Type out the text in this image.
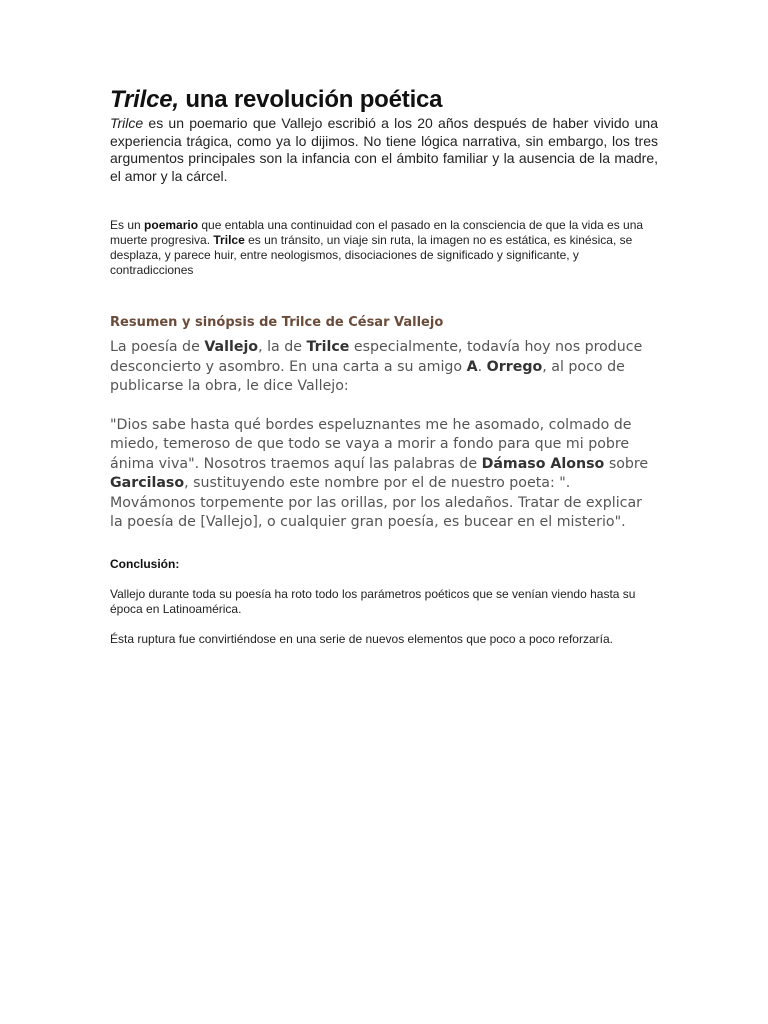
Trilce, una revolución poética

Trilce es un poemario que Vallejo escribió a los 20 años después de haber vivido una experiencia trágica, como ya lo dijimos. No tiene lógica narrativa, sin embargo, los tres argumentos principales son la infancia con el ámbito familiar y la ausencia de la madre, el amor y la cárcel.

Es un poemario que entabla una continuidad con el pasado en la consciencia de que la vida es una muerte progresiva. Trilce es un tránsito, un viaje sin ruta, la imagen no es estática, es kinésica, se desplaza, y parece huir, entre neologismos, disociaciones de significado y significante, y contradicciones

Resumen y sinópsis de Trilce de César Vallejo

La poesía de Vallejo, la de Trilce especialmente, todavía hoy nos produce desconcierto y asombro. En una carta a su amigo A. Orrego, al poco de publicarse la obra, le dice Vallejo:

"Dios sabe hasta qué bordes espeluznantes me he asomado, colmado de miedo, temeroso de que todo se vaya a morir a fondo para que mi pobre ánima viva". Nosotros traemos aquí las palabras de Dámaso Alonso sobre Garcilaso, sustituyendo este nombre por el de nuestro poeta: ". Movámonos torpemente por las orillas, por los aledaños. Tratar de explicar la poesía de [Vallejo], o cualquier gran poesía, es bucear en el misterio".

Conclusión:

Vallejo durante toda su poesía ha roto todo los parámetros poéticos que se venían viendo hasta su época en Latinoamérica.

Ésta ruptura fue convirtiéndose en una serie de nuevos elementos que poco a poco reforzaría.
